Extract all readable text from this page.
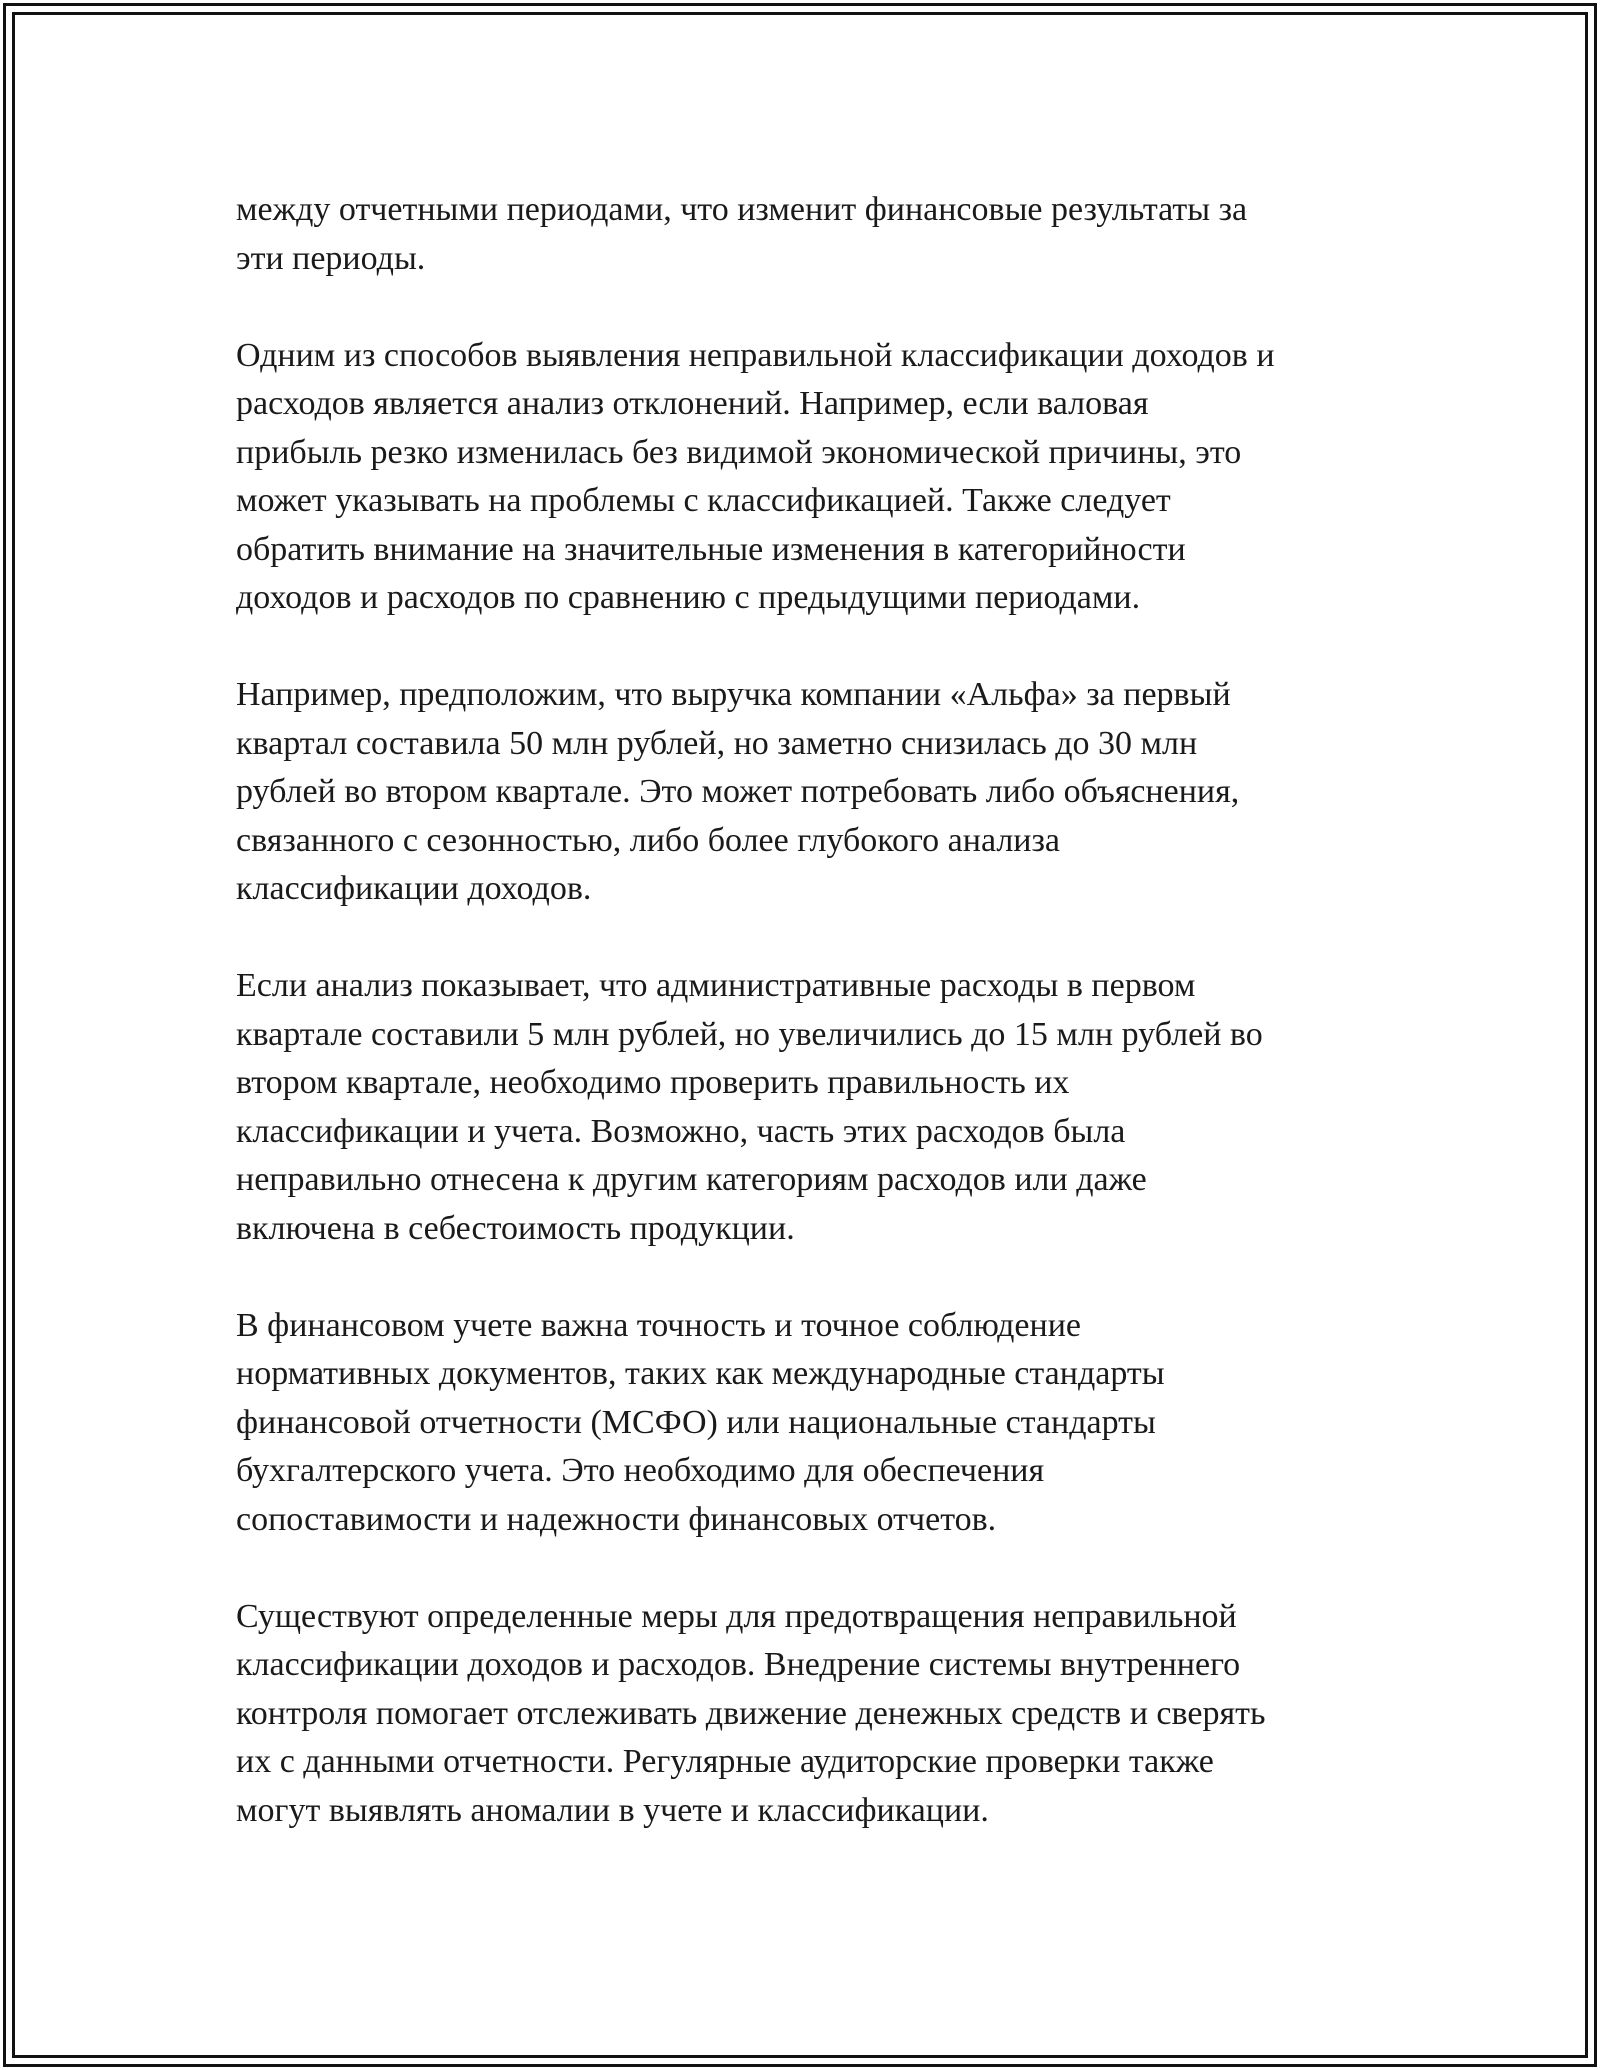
между отчетными периодами, что изменит финансовые результаты за
эти периоды.

Одним из способов выявления неправильной классификации доходов и
расходов является анализ отклонений. Например, если валовая
прибыль резко изменилась без видимой экономической причины, это
может указывать на проблемы с классификацией. Также следует
обратить внимание на значительные изменения в категорийности
доходов и расходов по сравнению с предыдущими периодами.

Например, предположим, что выручка компании «Альфа» за первый
квартал составила 50 млн рублей, но заметно снизилась до 30 млн
рублей во втором квартале. Это может потребовать либо объяснения,
связанного с сезонностью, либо более глубокого анализа
классификации доходов.

Если анализ показывает, что административные расходы в первом
квартале составили 5 млн рублей, но увеличились до 15 млн рублей во
втором квартале, необходимо проверить правильность их
классификации и учета. Возможно, часть этих расходов была
неправильно отнесена к другим категориям расходов или даже
включена в себестоимость продукции.

В финансовом учете важна точность и точное соблюдение
нормативных документов, таких как международные стандарты
финансовой отчетности (МСФО) или национальные стандарты
бухгалтерского учета. Это необходимо для обеспечения
сопоставимости и надежности финансовых отчетов.

Существуют определенные меры для предотвращения неправильной
классификации доходов и расходов. Внедрение системы внутреннего
контроля помогает отслеживать движение денежных средств и сверять
их с данными отчетности. Регулярные аудиторские проверки также
могут выявлять аномалии в учете и классификации.
